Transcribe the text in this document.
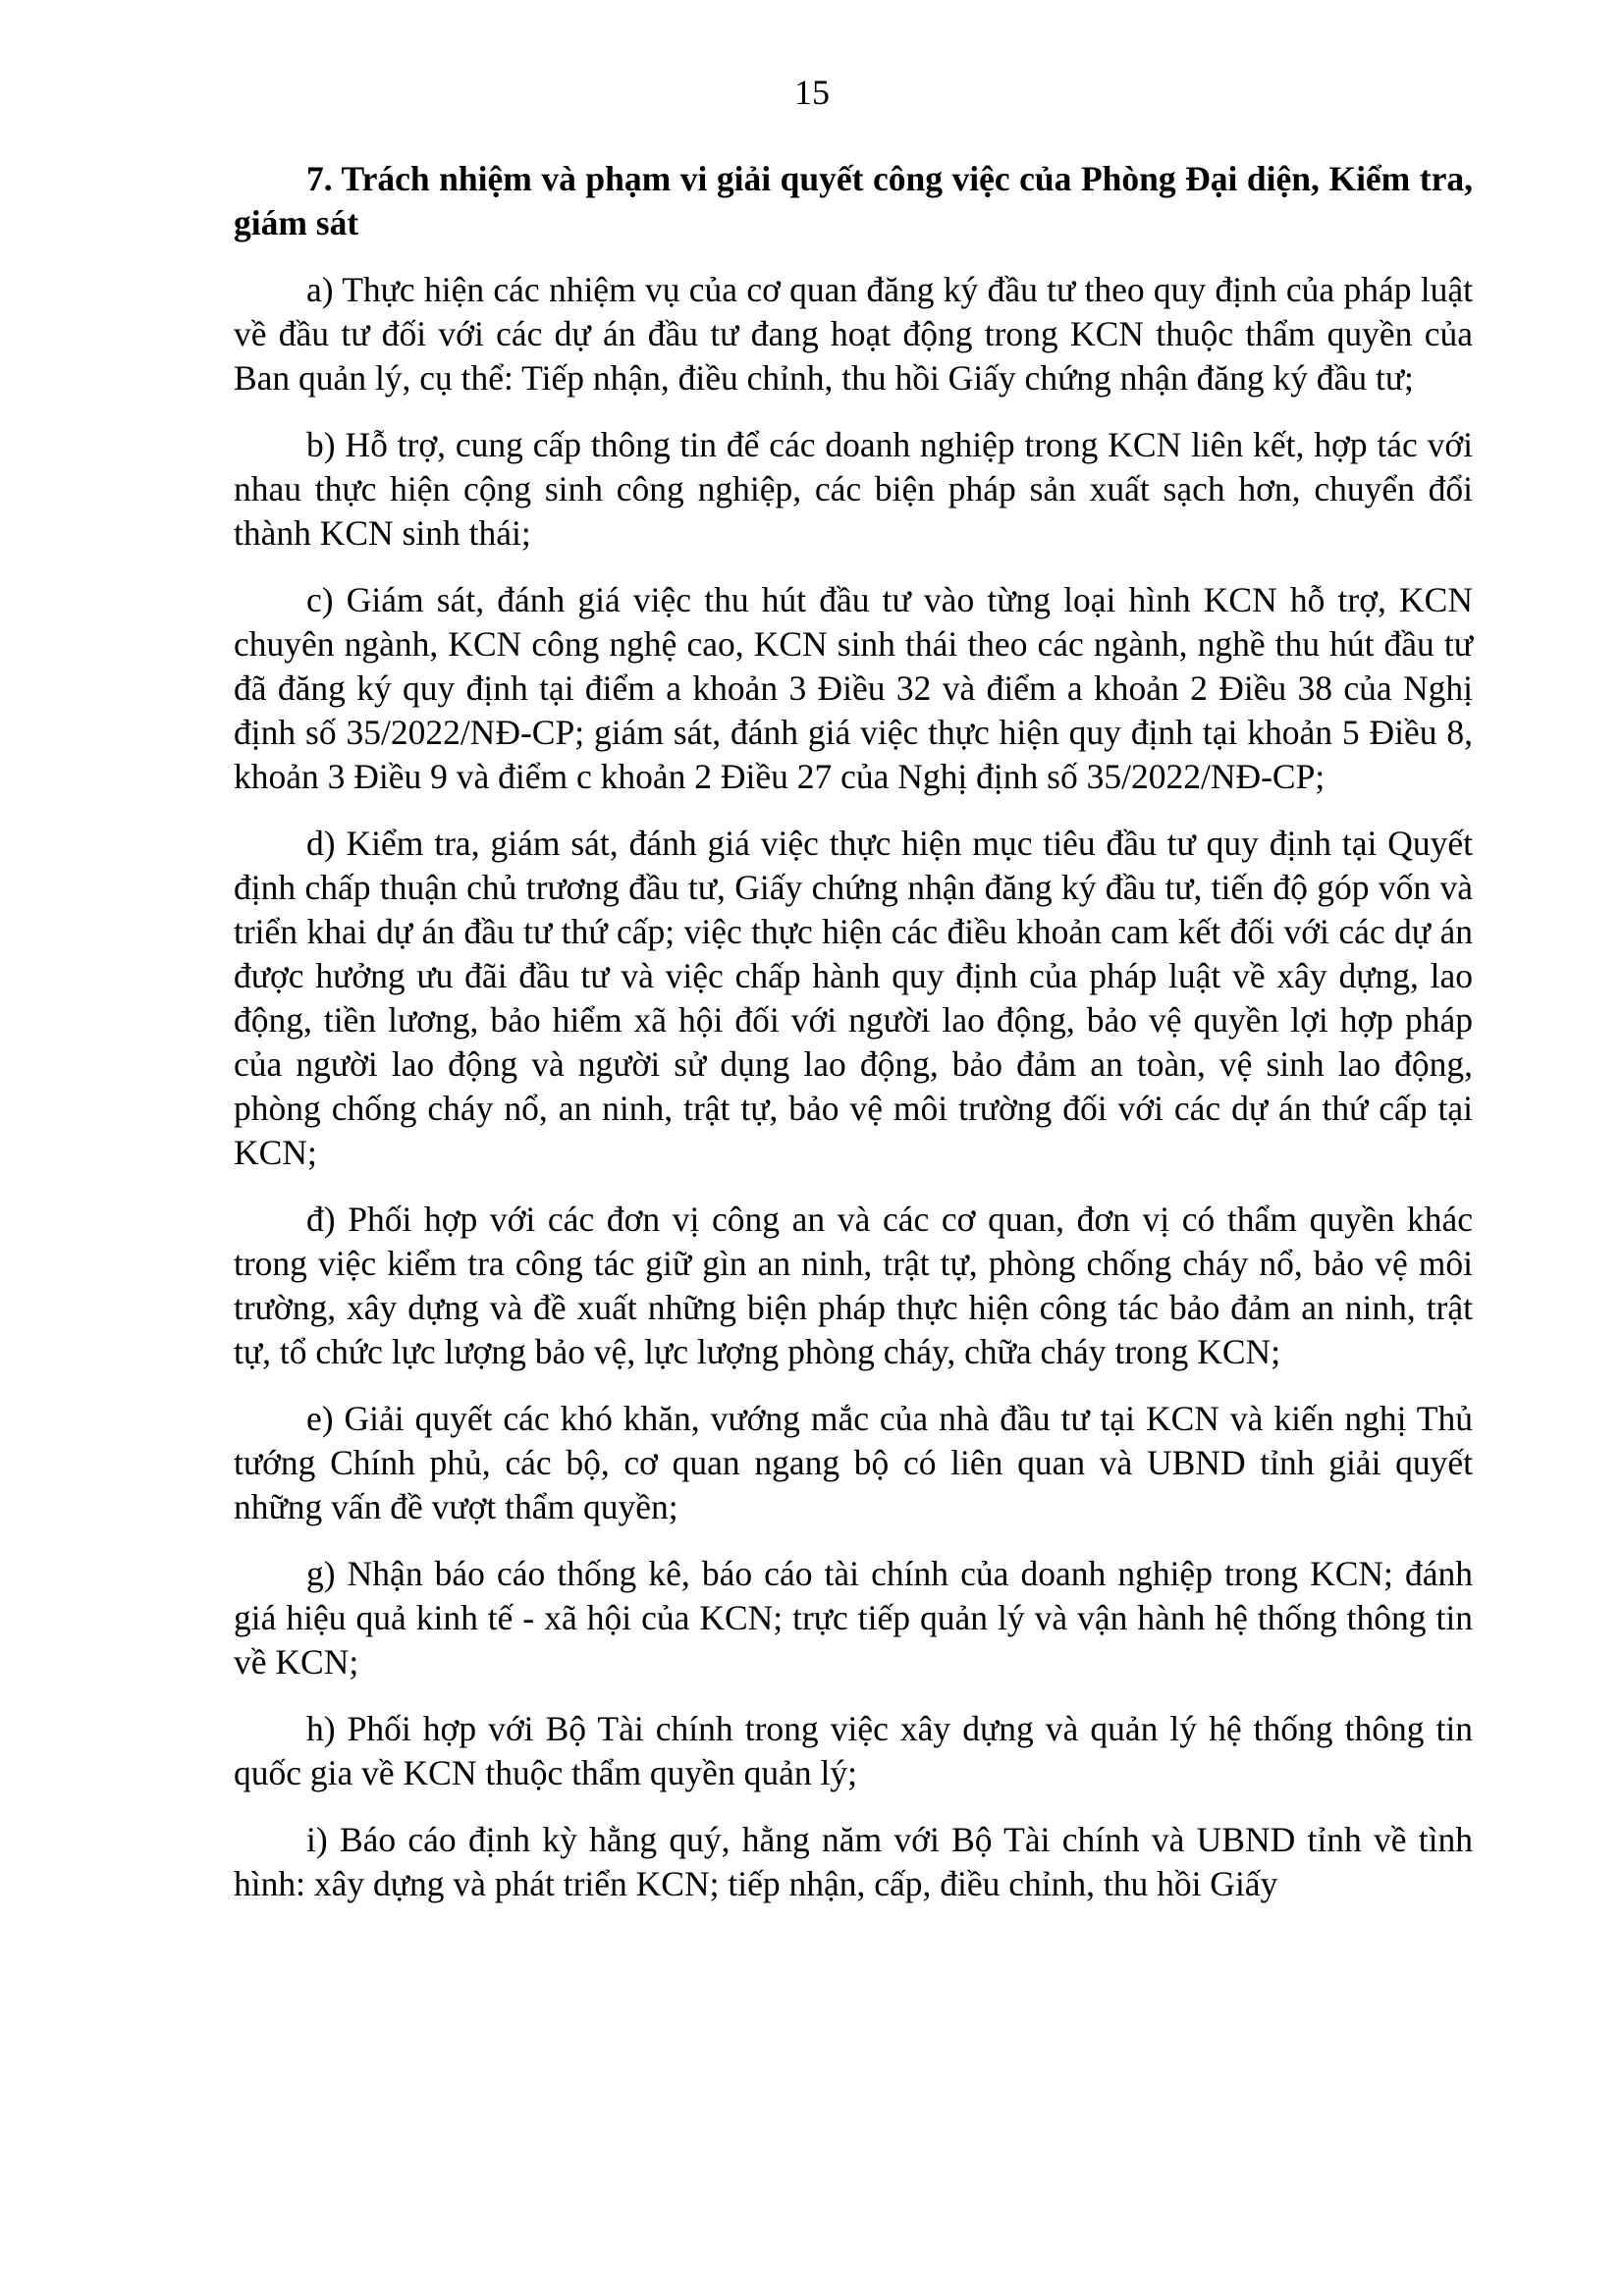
15

7. Trách nhiệm và phạm vi giải quyết công việc của Phòng Đại diện, Kiểm tra, giám sát

a) Thực hiện các nhiệm vụ của cơ quan đăng ký đầu tư theo quy định của pháp luật về đầu tư đối với các dự án đầu tư đang hoạt động trong KCN thuộc thẩm quyền của Ban quản lý, cụ thể: Tiếp nhận, điều chỉnh, thu hồi Giấy chứng nhận đăng ký đầu tư;

b) Hỗ trợ, cung cấp thông tin để các doanh nghiệp trong KCN liên kết, hợp tác với nhau thực hiện cộng sinh công nghiệp, các biện pháp sản xuất sạch hơn, chuyển đổi thành KCN sinh thái;

c) Giám sát, đánh giá việc thu hút đầu tư vào từng loại hình KCN hỗ trợ, KCN chuyên ngành, KCN công nghệ cao, KCN sinh thái theo các ngành, nghề thu hút đầu tư đã đăng ký quy định tại điểm a khoản 3 Điều 32 và điểm a khoản 2 Điều 38 của Nghị định số 35/2022/NĐ-CP; giám sát, đánh giá việc thực hiện quy định tại khoản 5 Điều 8, khoản 3 Điều 9 và điểm c khoản 2 Điều 27 của Nghị định số 35/2022/NĐ-CP;

d) Kiểm tra, giám sát, đánh giá việc thực hiện mục tiêu đầu tư quy định tại Quyết định chấp thuận chủ trương đầu tư, Giấy chứng nhận đăng ký đầu tư, tiến độ góp vốn và triển khai dự án đầu tư thứ cấp; việc thực hiện các điều khoản cam kết đối với các dự án được hưởng ưu đãi đầu tư và việc chấp hành quy định của pháp luật về xây dựng, lao động, tiền lương, bảo hiểm xã hội đối với người lao động, bảo vệ quyền lợi hợp pháp của người lao động và người sử dụng lao động, bảo đảm an toàn, vệ sinh lao động, phòng chống cháy nổ, an ninh, trật tự, bảo vệ môi trường đối với các dự án thứ cấp tại KCN;

đ) Phối hợp với các đơn vị công an và các cơ quan, đơn vị có thẩm quyền khác trong việc kiểm tra công tác giữ gìn an ninh, trật tự, phòng chống cháy nổ, bảo vệ môi trường, xây dựng và đề xuất những biện pháp thực hiện công tác bảo đảm an ninh, trật tự, tổ chức lực lượng bảo vệ, lực lượng phòng cháy, chữa cháy trong KCN;

e) Giải quyết các khó khăn, vướng mắc của nhà đầu tư tại KCN và kiến nghị Thủ tướng Chính phủ, các bộ, cơ quan ngang bộ có liên quan và UBND tỉnh giải quyết những vấn đề vượt thẩm quyền;

g) Nhận báo cáo thống kê, báo cáo tài chính của doanh nghiệp trong KCN; đánh giá hiệu quả kinh tế - xã hội của KCN; trực tiếp quản lý và vận hành hệ thống thông tin về KCN;

h) Phối hợp với Bộ Tài chính trong việc xây dựng và quản lý hệ thống thông tin quốc gia về KCN thuộc thẩm quyền quản lý;

i) Báo cáo định kỳ hằng quý, hằng năm với Bộ Tài chính và UBND tỉnh về tình hình: xây dựng và phát triển KCN; tiếp nhận, cấp, điều chỉnh, thu hồi Giấy
